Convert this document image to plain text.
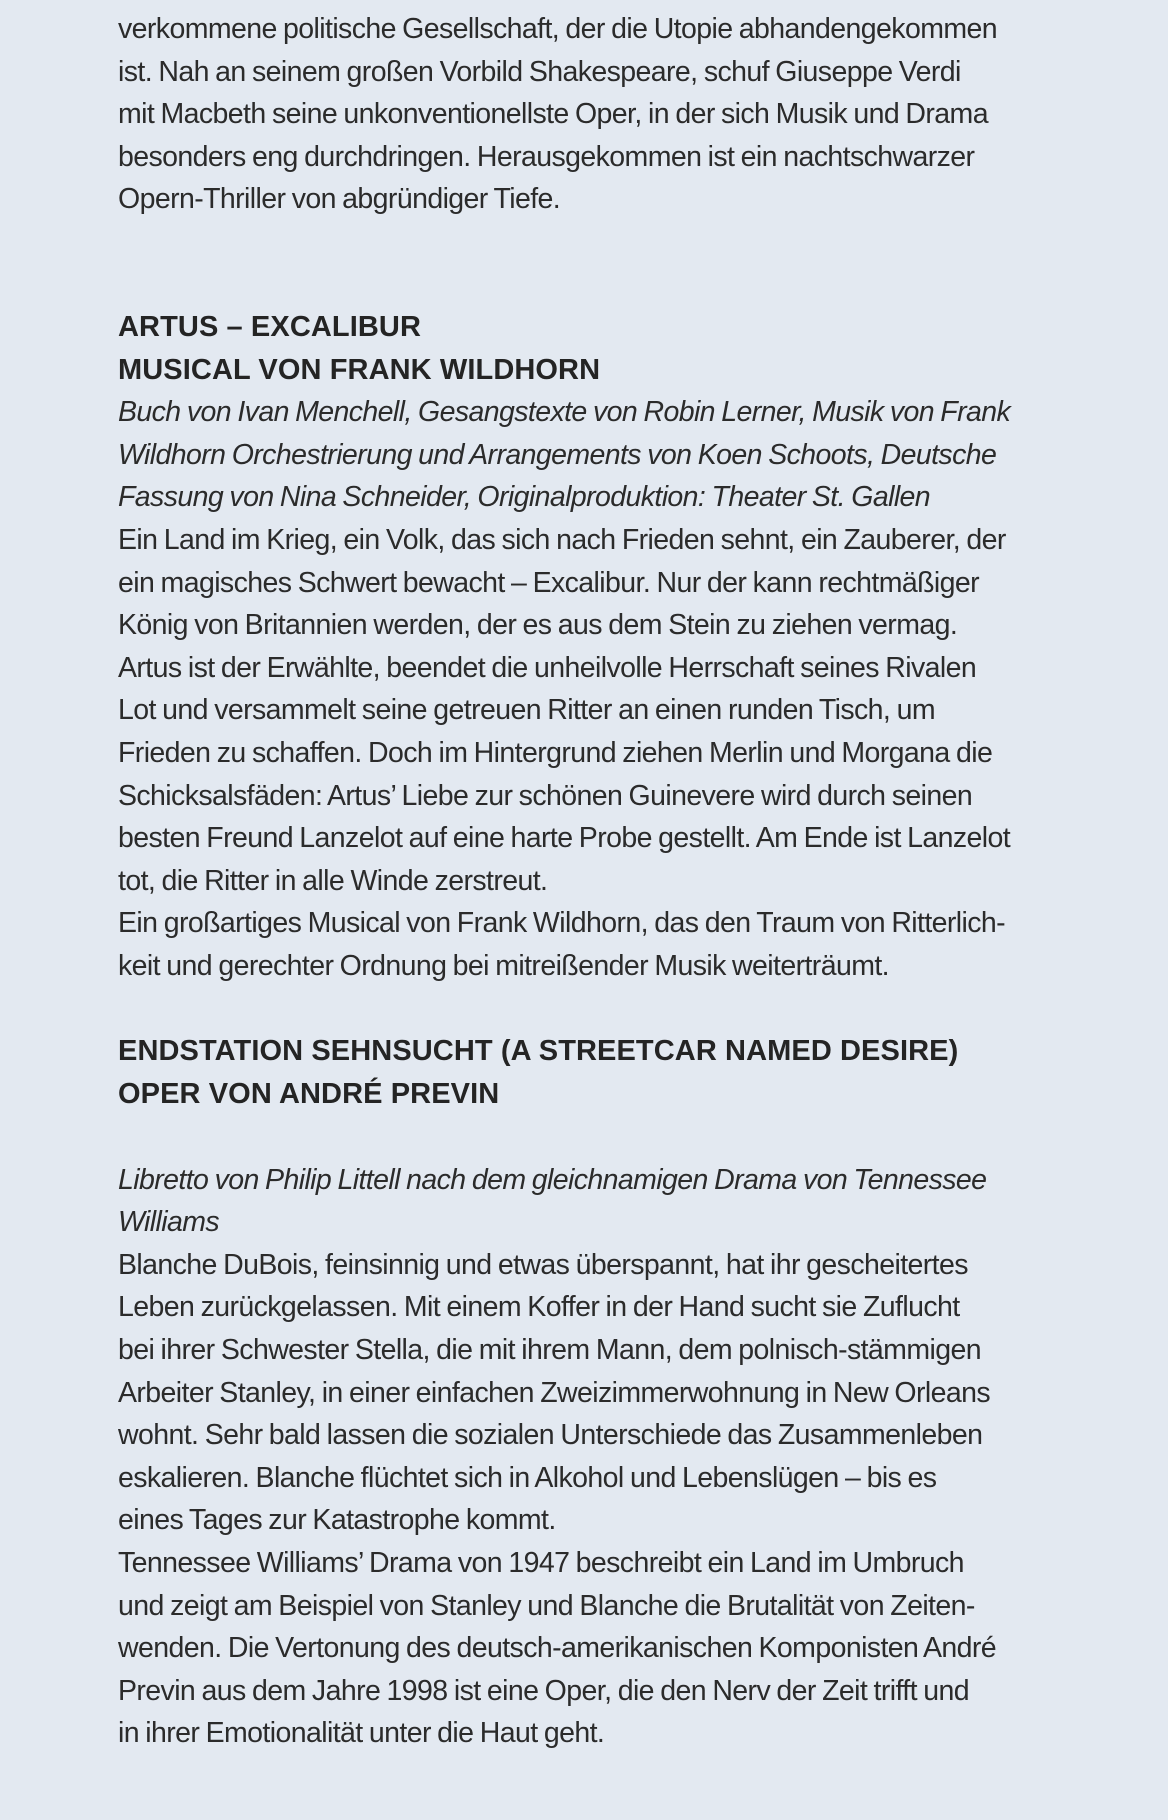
verkommene politische Gesellschaft, der die Utopie abhandengekommen
ist. Nah an seinem großen Vorbild Shakespeare, schuf Giuseppe Verdi
mit Macbeth seine unkonventionellste Oper, in der sich Musik und Drama
besonders eng durchdringen. Herausgekommen ist ein nachtschwarzer
Opern-Thriller von abgründiger Tiefe.

ARTUS – EXCALIBUR
MUSICAL VON FRANK WILDHORN

Buch von Ivan Menchell, Gesangstexte von Robin Lerner, Musik von Frank
Wildhorn Orchestrierung und Arrangements von Koen Schoots, Deutsche
Fassung von Nina Schneider, Originalproduktion: Theater St. Gallen

Ein Land im Krieg, ein Volk, das sich nach Frieden sehnt, ein Zauberer, der
ein magisches Schwert bewacht – Excalibur. Nur der kann rechtmäßiger
König von Britannien werden, der es aus dem Stein zu ziehen vermag.
Artus ist der Erwählte, beendet die unheilvolle Herrschaft seines Rivalen
Lot und versammelt seine getreuen Ritter an einen runden Tisch, um
Frieden zu schaffen. Doch im Hintergrund ziehen Merlin und Morgana die
Schicksalsfäden: Artus’ Liebe zur schönen Guinevere wird durch seinen
besten Freund Lanzelot auf eine harte Probe gestellt. Am Ende ist Lanzelot
tot, die Ritter in alle Winde zerstreut.
Ein großartiges Musical von Frank Wildhorn, das den Traum von Ritterlich-
keit und gerechter Ordnung bei mitreißender Musik weiterträumt.

ENDSTATION SEHNSUCHT (A STREETCAR NAMED DESIRE)
OPER VON ANDRÉ PREVIN

Libretto von Philip Littell nach dem gleichnamigen Drama von Tennessee
Williams

Blanche DuBois, feinsinnig und etwas überspannt, hat ihr gescheitertes
Leben zurückgelassen. Mit einem Koffer in der Hand sucht sie Zuflucht
bei ihrer Schwester Stella, die mit ihrem Mann, dem polnisch-stämmigen
Arbeiter Stanley, in einer einfachen Zweizimmerwohnung in New Orleans
wohnt. Sehr bald lassen die sozialen Unterschiede das Zusammenleben
eskalieren. Blanche flüchtet sich in Alkohol und Lebenslügen – bis es
eines Tages zur Katastrophe kommt.
Tennessee Williams’ Drama von 1947 beschreibt ein Land im Umbruch
und zeigt am Beispiel von Stanley und Blanche die Brutalität von Zeiten-
wenden. Die Vertonung des deutsch-amerikanischen Komponisten André
Previn aus dem Jahre 1998 ist eine Oper, die den Nerv der Zeit trifft und
in ihrer Emotionalität unter die Haut geht.
